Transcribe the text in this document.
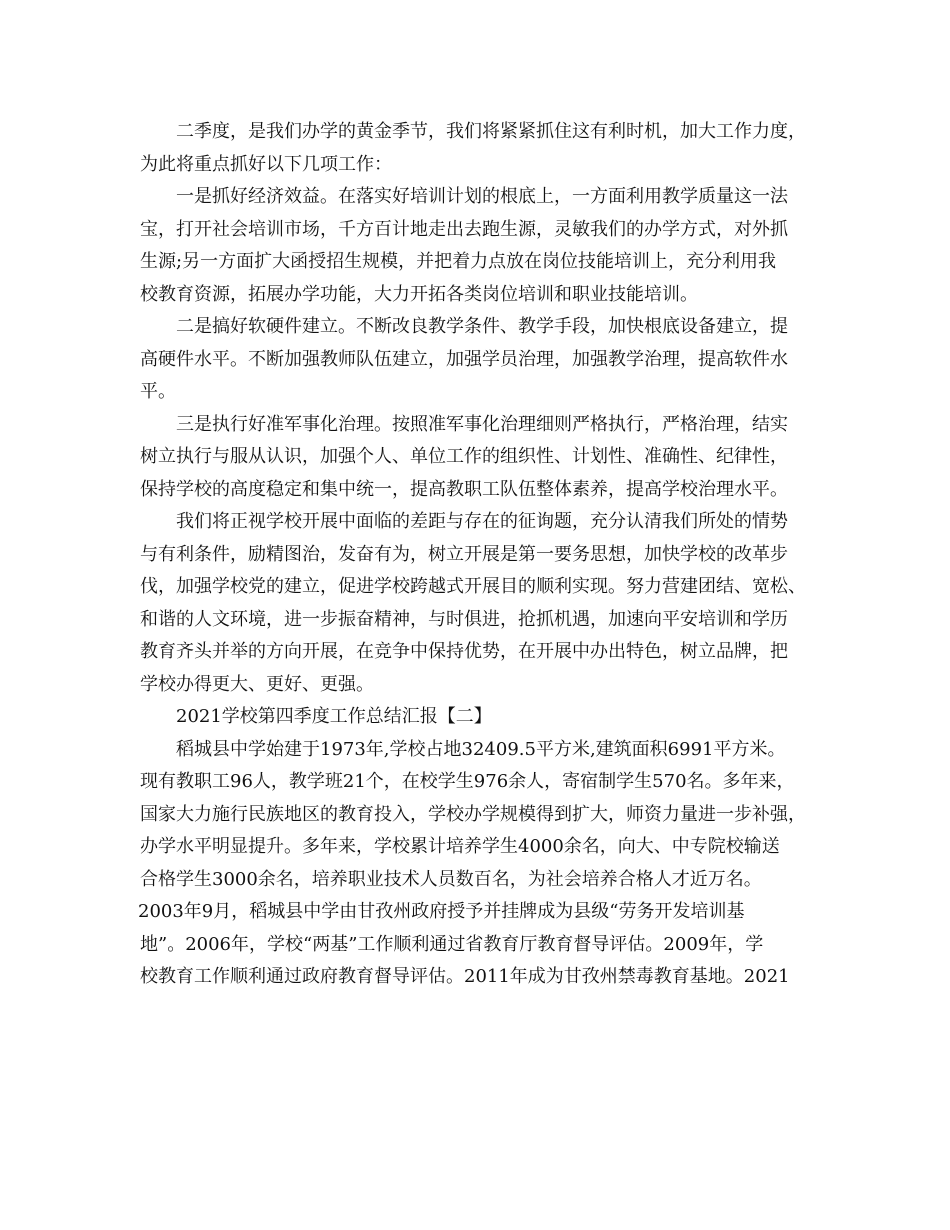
二季度，是我们办学的黄金季节，我们将紧紧抓住这有利时机，加大工作力度，
为此将重点抓好以下几项工作：
一是抓好经济效益。在落实好培训计划的根底上，一方面利用教学质量这一法
宝，打开社会培训市场，千方百计地走出去跑生源，灵敏我们的办学方式，对外抓
生源;另一方面扩大函授招生规模，并把着力点放在岗位技能培训上，充分利用我
校教育资源，拓展办学功能，大力开拓各类岗位培训和职业技能培训。
二是搞好软硬件建立。不断改良教学条件、教学手段，加快根底设备建立，提
高硬件水平。不断加强教师队伍建立，加强学员治理，加强教学治理，提高软件水
平。
三是执行好准军事化治理。按照准军事化治理细则严格执行，严格治理，结实
树立执行与服从认识，加强个人、单位工作的组织性、计划性、准确性、纪律性，
保持学校的高度稳定和集中统一，提高教职工队伍整体素养，提高学校治理水平。
我们将正视学校开展中面临的差距与存在的征询题，充分认清我们所处的情势
与有利条件，励精图治，发奋有为，树立开展是第一要务思想，加快学校的改革步
伐，加强学校党的建立，促进学校跨越式开展目的顺利实现。努力营建团结、宽松、
和谐的人文环境，进一步振奋精神，与时俱进，抢抓机遇，加速向平安培训和学历
教育齐头并举的方向开展，在竞争中保持优势，在开展中办出特色，树立品牌，把
学校办得更大、更好、更强。
2021学校第四季度工作总结汇报【二】
稻城县中学始建于1973年,学校占地32409.5平方米,建筑面积6991平方米。
现有教职工96人，教学班21个，在校学生976余人，寄宿制学生570名。多年来，
国家大力施行民族地区的教育投入，学校办学规模得到扩大，师资力量进一步补强，
办学水平明显提升。多年来，学校累计培养学生4000余名，向大、中专院校输送
合格学生3000余名，培养职业技术人员数百名，为社会培养合格人才近万名。
2003年9月，稻城县中学由甘孜州政府授予并挂牌成为县级“劳务开发培训基
地”。2006年，学校“两基”工作顺利通过省教育厅教育督导评估。2009年，学
校教育工作顺利通过政府教育督导评估。2011年成为甘孜州禁毒教育基地。2021
